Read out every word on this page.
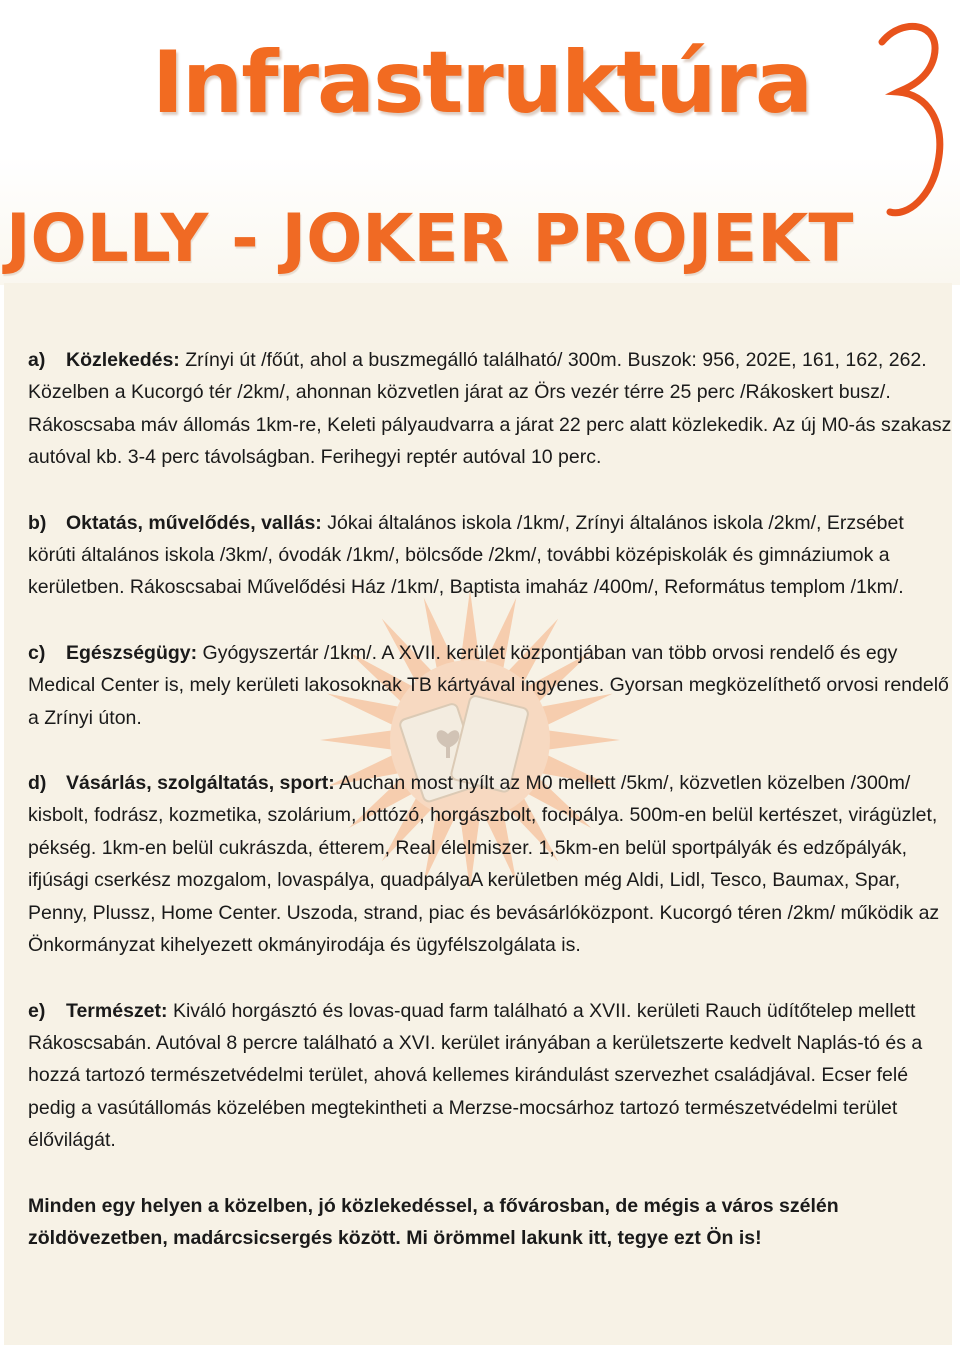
Infrastruktúra
JOLLY - JOKER PROJEKT

a) Közlekedés: Zrínyi út /főút, ahol a buszmegálló található/ 300m. Buszok: 956, 202E, 161, 162, 262. Közelben a Kucorgó tér /2km/, ahonnan közvetlen járat az Örs vezér térre 25 perc /Rákoskert busz/. Rákoscsaba máv állomás 1km-re, Keleti pályaudvarra a járat 22 perc alatt közlekedik. Az új M0-ás szakasz autóval kb. 3-4 perc távolságban. Ferihegyi reptér autóval 10 perc.

b) Oktatás, művelődés, vallás: Jókai általános iskola /1km/, Zrínyi általános iskola /2km/, Erzsébet körúti általános iskola /3km/, óvodák /1km/, bölcsőde /2km/, további középiskolák és gimnáziumok a kerületben. Rákoscsabai Művelődési Ház /1km/, Baptista imaház /400m/, Református templom /1km/.

c) Egészségügy: Gyógyszertár /1km/. A XVII. kerület központjában van több orvosi rendelő és egy Medical Center is, mely kerületi lakosoknak TB kártyával ingyenes. Gyorsan megközelíthető orvosi rendelő a Zrínyi úton.

d) Vásárlás, szolgáltatás, sport: Auchan most nyílt az M0 mellett /5km/, közvetlen közelben /300m/ kisbolt, fodrász, kozmetika, szolárium, lottózó, horgászbolt, focipálya. 500m-en belül kertészet, virágüzlet, pékség. 1km-en belül cukrászda, étterem, Real élelmiszer. 1,5km-en belül sportpályák és edzőpályák, ifjúsági cserkész mozgalom, lovaspálya, quadpályaA kerületben még Aldi, Lidl, Tesco, Baumax, Spar, Penny, Plussz, Home Center. Uszoda, strand, piac és bevásárlóközpont. Kucorgó téren /2km/ működik az Önkormányzat kihelyezett okmányirodája és ügyfélszolgálata is.

e) Természet: Kiváló horgásztó és lovas-quad farm található a XVII. kerületi Rauch üdítőtelep mellett Rákoscsabán. Autóval 8 percre található a XVI. kerület irányában a kerületszerte kedvelt Naplás-tó és a hozzá tartozó természetvédelmi terület, ahová kellemes kirándulást szervezhet családjával. Ecser felé pedig a vasútállomás közelében megtekintheti a Merzse-mocsárhoz tartozó természetvédelmi terület élővilágát.

Minden egy helyen a közelben, jó közlekedéssel, a fővárosban, de mégis a város szélén zöldövezetben, madárcsicsergés között. Mi örömmel lakunk itt, tegye ezt Ön is!
